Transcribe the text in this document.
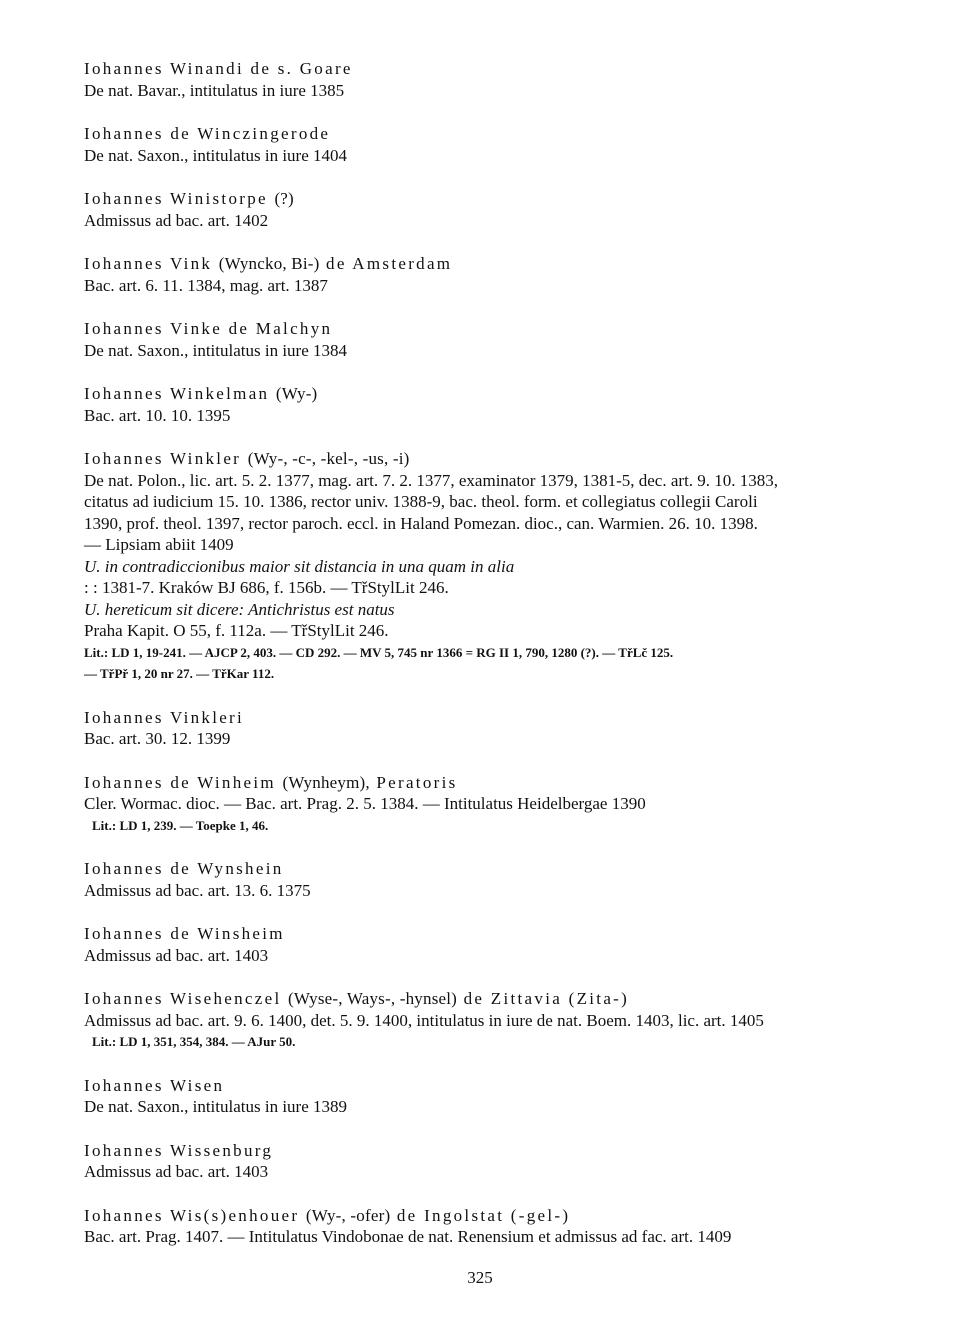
Iohannes Winandi de s. Goare
De nat. Bavar., intitulatus in iure 1385
Iohannes de Winczingerode
De nat. Saxon., intitulatus in iure 1404
Iohannes Winistorpe (?)
Admissus ad bac. art. 1402
Iohannes Vink (Wyncko, Bi-) de Amsterdam
Bac. art. 6. 11. 1384, mag. art. 1387
Iohannes Vinke de Malchyn
De nat. Saxon., intitulatus in iure 1384
Iohannes Winkelman (Wy-)
Bac. art. 10. 10. 1395
Iohannes Winkler (Wy-, -c-, -kel-, -us, -i)
De nat. Polon., lic. art. 5. 2. 1377, mag. art. 7. 2. 1377, examinator 1379, 1381-5, dec. art. 9. 10. 1383,
citatus ad iudicium 15. 10. 1386, rector univ. 1388-9, bac. theol. form. et collegiatus collegii Caroli
1390, prof. theol. 1397, rector paroch. eccl. in Haland Pomezan. dioc., can. Warmien. 26. 10. 1398.
— Lipsiam abiit 1409
U. in contradiccionibus maior sit distancia in una quam in alia
: : 1381-7. Kraków BJ 686, f. 156b. — TřStylLit 246.
U. hereticum sit dicere: Antichristus est natus
Praha Kapit. O 55, f. 112a. — TřStylLit 246.
Lit.: LD 1, 19-241. — AJCP 2, 403. — CD 292. — MV 5, 745 nr 1366 = RG II 1, 790, 1280 (?). — TřLč 125.
— TřPř 1, 20 nr 27. — TřKar 112.
Iohannes Vinkleri
Bac. art. 30. 12. 1399
Iohannes de Winheim (Wynheym), Peratoris
Cler. Wormac. dioc. — Bac. art. Prag. 2. 5. 1384. — Intitulatus Heidelbergae 1390
Lit.: LD 1, 239. — Toepke 1, 46.
Iohannes de Wynshein
Admissus ad bac. art. 13. 6. 1375
Iohannes de Winsheim
Admissus ad bac. art. 1403
Iohannes Wisehenczel (Wyse-, Ways-, -hynsel) de Zittavia (Zita-)
Admissus ad bac. art. 9. 6. 1400, det. 5. 9. 1400, intitulatus in iure de nat. Boem. 1403, lic. art. 1405
Lit.: LD 1, 351, 354, 384. — AJur 50.
Iohannes Wisen
De nat. Saxon., intitulatus in iure 1389
Iohannes Wissenburg
Admissus ad bac. art. 1403
Iohannes Wis(s)enhouer (Wy-, -ofer) de Ingolstat (-gel-)
Bac. art. Prag. 1407. — Intitulatus Vindobonae de nat. Renensium et admissus ad fac. art. 1409
325
